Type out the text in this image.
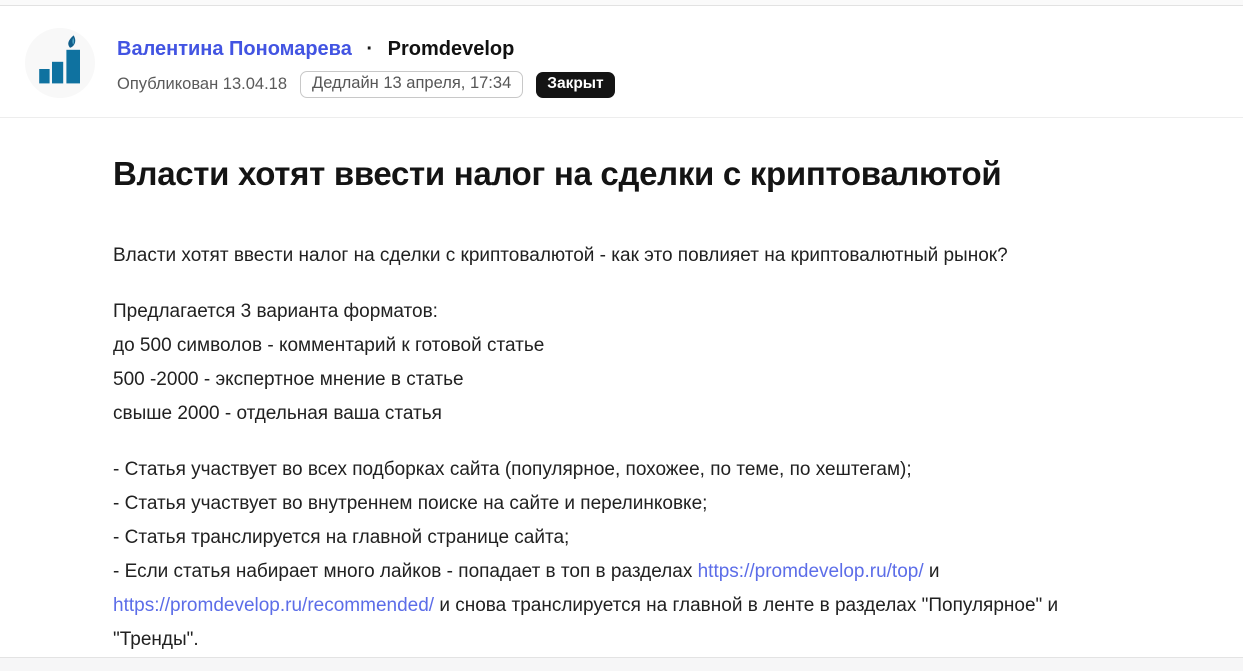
Валентина Пономарева · Promdevelop
Опубликован 13.04.18	Дедлайн 13 апреля, 17:34	Закрыт
Власти хотят ввести налог на сделки с криптовалютой
Власти хотят ввести налог на сделки с криптовалютой - как это повлияет на криптовалютный рынок?
Предлагается 3 варианта форматов:
до 500 символов - комментарий к готовой статье
500 -2000 - экспертное мнение в статье
свыше 2000 - отдельная ваша статья
- Статья участвует во всех подборках сайта (популярное, похожее, по теме, по хештегам);
- Статья участвует во внутреннем поиске на сайте и перелинковке;
- Статья транслируется на главной странице сайта;
- Если статья набирает много лайков - попадает в топ в разделах https://promdevelop.ru/top/ и
https://promdevelop.ru/recommended/ и снова транслируется на главной в ленте в разделах "Популярное" и
"Тренды".
